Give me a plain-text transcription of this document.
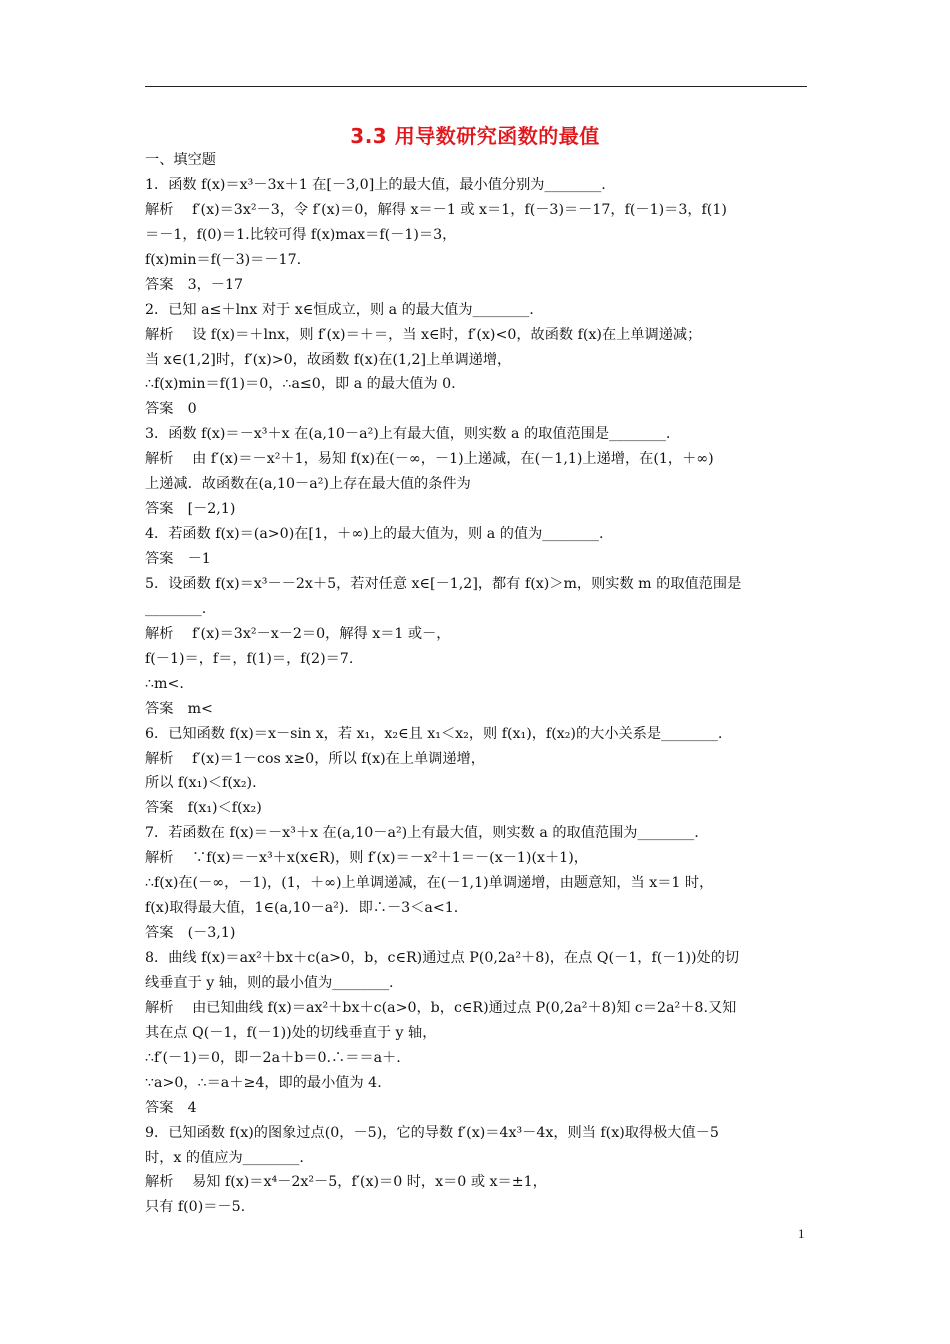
3.3 用导数研究函数的最值
一、填空题
1．函数 f(x)＝x³－3x＋1 在[－3,0]上的最大值，最小值分别为________.
解析　 f′(x)＝3x²－3，令 f′(x)＝0，解得 x＝－1 或 x＝1，f(－3)＝－17，f(－1)＝3，f(1)
＝－1，f(0)＝1.比较可得 f(x)max＝f(－1)＝3，
f(x)min＝f(－3)＝－17.
答案　3，－17
2．已知 a≤＋lnx 对于 x∈恒成立，则 a 的最大值为________.
解析　 设 f(x)＝＋lnx，则 f′(x)＝＋＝，当 x∈时，f′(x)<0，故函数 f(x)在上单调递减；
当 x∈(1,2]时，f′(x)>0，故函数 f(x)在(1,2]上单调递增，
∴f(x)min＝f(1)＝0，∴a≤0，即 a 的最大值为 0.
答案　0
3．函数 f(x)＝－x³＋x 在(a,10－a²)上有最大值，则实数 a 的取值范围是________.
解析　 由 f′(x)＝－x²＋1，易知 f(x)在(－∞，－1)上递减，在(－1,1)上递增，在(1，＋∞)
上递减．故函数在(a,10－a²)上存在最大值的条件为
答案　[－2,1)
4．若函数 f(x)＝(a>0)在[1，＋∞)上的最大值为，则 a 的值为________.
答案　－1
5．设函数 f(x)＝x³－－2x＋5，若对任意 x∈[－1,2]，都有 f(x)＞m，则实数 m 的取值范围是
________.
解析　 f′(x)＝3x²－x－2＝0，解得 x＝1 或－，
f(－1)＝，f＝，f(1)＝，f(2)＝7.
∴m<.
答案　m<
6．已知函数 f(x)＝x－sin x，若 x₁，x₂∈且 x₁＜x₂，则 f(x₁)，f(x₂)的大小关系是________.
解析　 f′(x)＝1－cos x≥0，所以 f(x)在上单调递增，
所以 f(x₁)＜f(x₂).
答案　f(x₁)＜f(x₂)
7．若函数在 f(x)＝－x³＋x 在(a,10－a²)上有最大值，则实数 a 的取值范围为________.
解析　 ∵f(x)＝－x³＋x(x∈R)，则 f′(x)＝－x²＋1＝－(x－1)(x＋1)，
∴f(x)在(－∞，－1)，(1，＋∞)上单调递减，在(－1,1)单调递增，由题意知，当 x＝1 时，
f(x)取得最大值，1∈(a,10－a²)．即∴－3＜a<1.
答案　(－3,1)
8．曲线 f(x)＝ax²＋bx＋c(a>0，b，c∈R)通过点 P(0,2a²＋8)，在点 Q(－1，f(－1))处的切
线垂直于 y 轴，则的最小值为________.
解析　 由已知曲线 f(x)＝ax²＋bx＋c(a>0，b，c∈R)通过点 P(0,2a²＋8)知 c＝2a²＋8.又知
其在点 Q(－1，f(－1))处的切线垂直于 y 轴，
∴f′(－1)＝0，即－2a＋b＝0.∴＝＝a＋.
∵a>0，∴＝a＋≥4，即的最小值为 4.
答案　4
9．已知函数 f(x)的图象过点(0，－5)，它的导数 f′(x)＝4x³－4x，则当 f(x)取得极大值－5
时，x 的值应为________.
解析　 易知 f(x)＝x⁴－2x²－5，f′(x)＝0 时，x＝0 或 x＝±1，
只有 f(0)＝－5.
1
